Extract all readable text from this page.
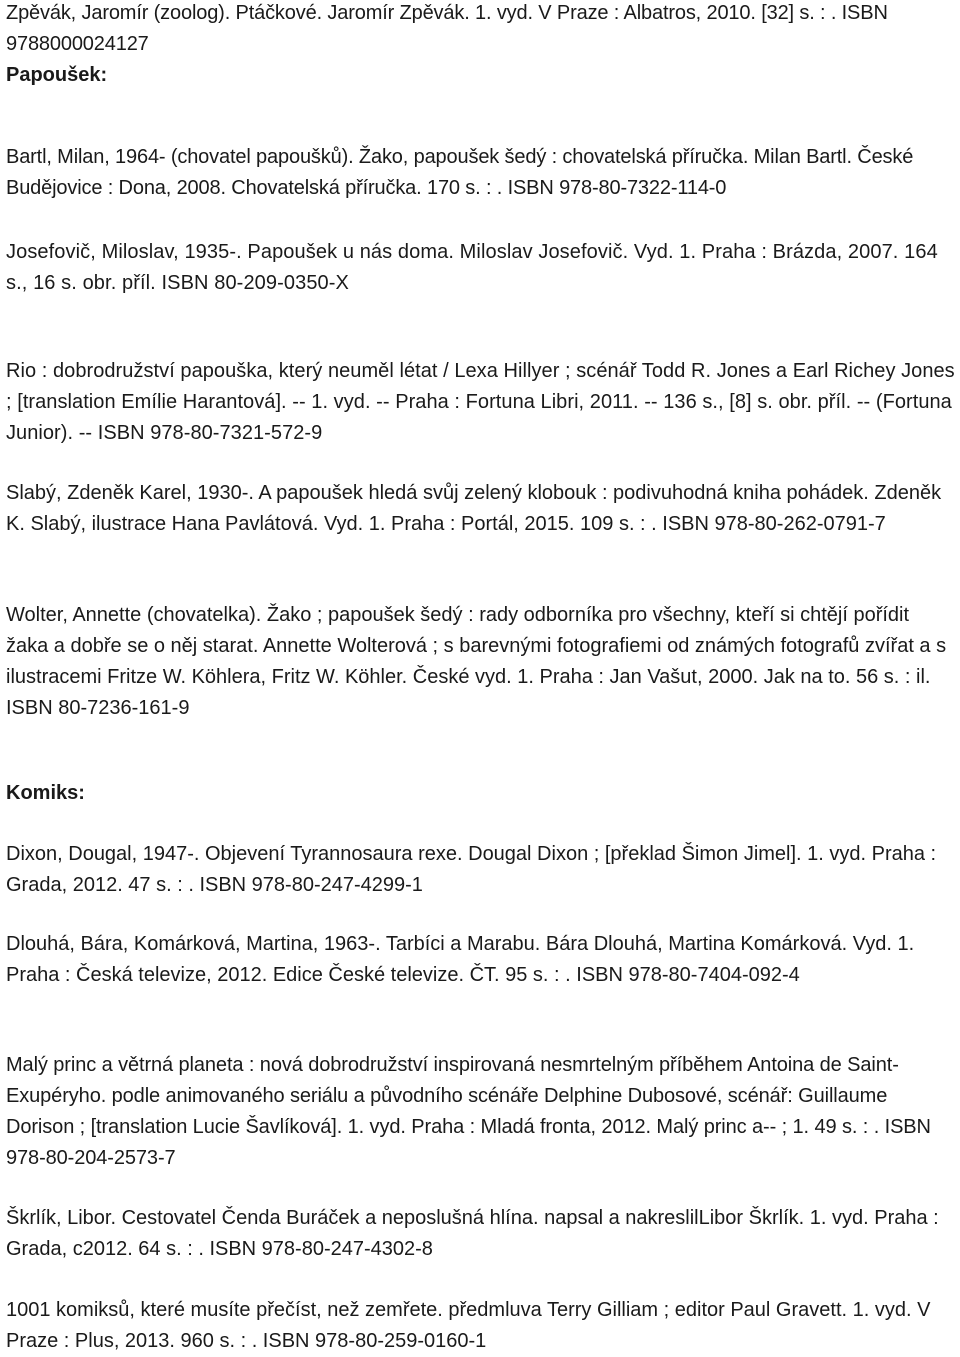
Zpěvák, Jaromír (zoolog). Ptáčkové. Jaromír Zpěvák. 1. vyd. V Praze : Albatros, 2010. [32] s. : . ISBN 9788000024127

Papoušek:

Bartl, Milan, 1964- (chovatel papoušků). Žako, papoušek šedý : chovatelská příručka. Milan Bartl. České Budějovice : Dona, 2008. Chovatelská příručka. 170 s. : . ISBN 978-80-7322-114-0

Josefovič, Miloslav, 1935-. Papoušek u nás doma. Miloslav Josefovič. Vyd. 1. Praha : Brázda, 2007. 164 s., 16 s. obr. příl. ISBN 80-209-0350-X

Rio : dobrodružství papouška, který neuměl létat / Lexa Hillyer ; scénář Todd R. Jones a Earl Richey Jones ; [translation Emílie Harantová]. -- 1. vyd. -- Praha : Fortuna Libri, 2011. -- 136 s., [8] s. obr. příl. -- (Fortuna Junior). -- ISBN 978-80-7321-572-9

Slabý, Zdeněk Karel, 1930-. A papoušek hledá svůj zelený klobouk : podivuhodná kniha pohádek. Zdeněk K. Slabý, ilustrace Hana Pavlátová. Vyd. 1. Praha : Portál, 2015. 109 s. : . ISBN 978-80-262-0791-7

Wolter, Annette (chovatelka). Žako ; papoušek šedý : rady odborníka pro všechny, kteří si chtějí pořídit žaka a dobře se o něj starat. Annette Wolterová ; s barevnými fotografiemi od známých fotografů zvířat a s ilustracemi Fritze W. Köhlera, Fritz W. Köhler. České vyd. 1. Praha : Jan Vašut, 2000. Jak na to. 56 s. : il. ISBN 80-7236-161-9

Komiks:

Dixon, Dougal, 1947-. Objevení Tyrannosaura rexe. Dougal Dixon ; [překlad Šimon Jimel]. 1. vyd. Praha : Grada, 2012. 47 s. : . ISBN 978-80-247-4299-1

Dlouhá, Bára, Komárková, Martina, 1963-. Tarbíci a Marabu. Bára Dlouhá, Martina Komárková. Vyd. 1. Praha : Česká televize, 2012. Edice České televize. ČT. 95 s. : . ISBN 978-80-7404-092-4

Malý princ a větrná planeta : nová dobrodružství inspirovaná nesmrtelným příběhem Antoina de Saint-Exupéryho. podle animovaného seriálu a původního scénáře Delphine Dubosové, scénář: Guillaume Dorison ; [translation Lucie Šavlíková]. 1. vyd. Praha : Mladá fronta, 2012. Malý princ a-- ; 1. 49 s. : . ISBN 978-80-204-2573-7

Škrlík, Libor. Cestovatel Čenda Buráček a neposlušná hlína. napsal a nakreslilLibor Škrlík. 1. vyd. Praha : Grada, c2012. 64 s. : . ISBN 978-80-247-4302-8

1001 komiksů, které musíte přečíst, než zemřete. předmluva Terry Gilliam ; editor Paul Gravett. 1. vyd. V Praze : Plus, 2013. 960 s. : . ISBN 978-80-259-0160-1
